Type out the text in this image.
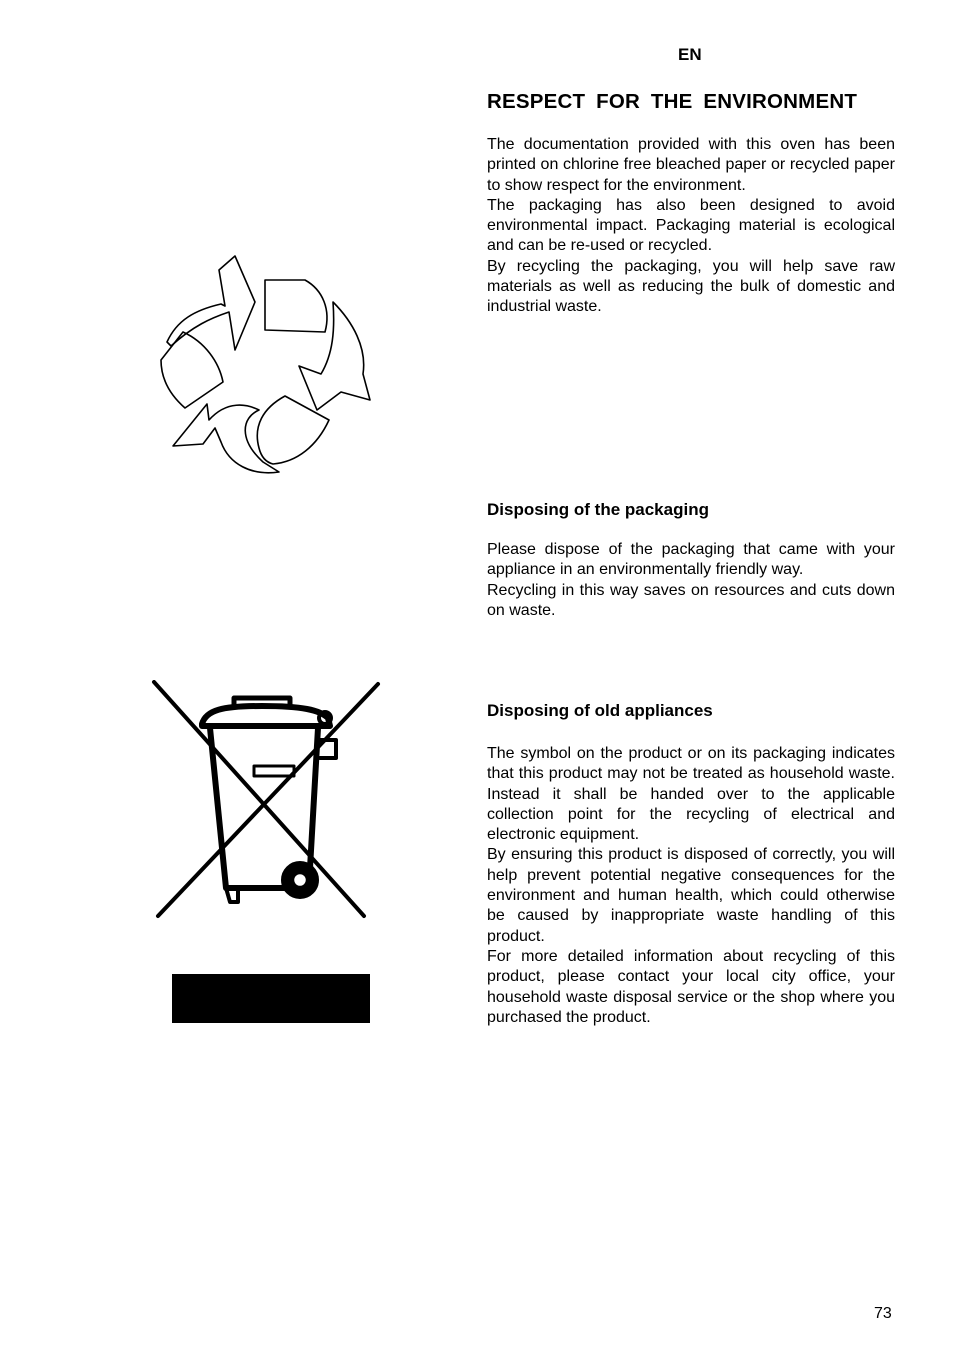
EN
RESPECT FOR THE ENVIRONMENT

The documentation provided with this oven has been printed on chlorine free bleached paper or recycled paper to show respect for the environment.

The packaging has also been designed to avoid environmental impact. Packaging material is ecological and can be re-used or recycled.

By recycling the packaging, you will help save raw materials as well as reducing the bulk of domestic and industrial waste.

Disposing of the packaging

Please dispose of the packaging that came with your appliance in an environmentally friendly way.

Recycling in this way saves on resources and cuts down on waste.

Disposing of old appliances

The symbol on the product or on its packaging indicates that this product may not be treated as household waste. Instead it shall be handed over to the applicable collection point for the recycling of electrical and electronic equipment.

By ensuring this product is disposed of correctly, you will help prevent potential negative consequences for the environment and human health, which could otherwise be caused by inappropriate waste handling of this product.

For more detailed information about recycling of this product, please contact your local city office, your household waste disposal service or the shop where you purchased the product.

73
